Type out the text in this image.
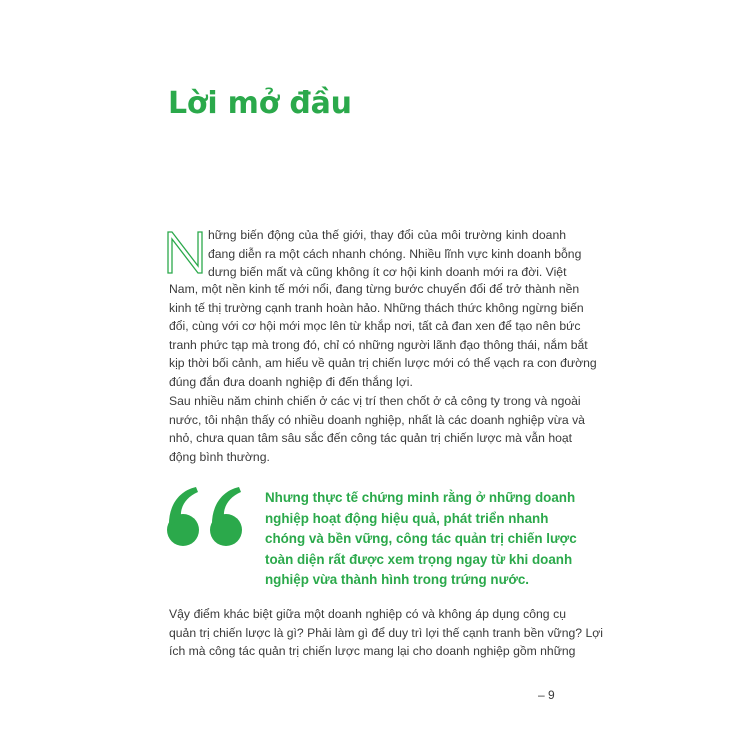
Lời mở đầu

hững biến động của thế giới, thay đổi của môi trường kinh doanh
đang diễn ra một cách nhanh chóng. Nhiều lĩnh vực kinh doanh bỗng
dưng biến mất và cũng không ít cơ hội kinh doanh mới ra đời. Việt

Nam, một nền kinh tế mới nổi, đang từng bước chuyển đổi để trở thành nền
kinh tế thị trường cạnh tranh hoàn hảo. Những thách thức không ngừng biến
đổi, cùng với cơ hội mới mọc lên từ khắp nơi, tất cả đan xen để tạo nên bức
tranh phức tạp mà trong đó, chỉ có những người lãnh đạo thông thái, nắm bắt
kịp thời bối cảnh, am hiểu về quản trị chiến lược mới có thể vạch ra con đường
đúng đắn đưa doanh nghiệp đi đến thắng lợi.

Sau nhiều năm chinh chiến ở các vị trí then chốt ở cả công ty trong và ngoài
nước, tôi nhận thấy có nhiều doanh nghiệp, nhất là các doanh nghiệp vừa và
nhỏ, chưa quan tâm sâu sắc đến công tác quản trị chiến lược mà vẫn hoạt
động bình thường.

Nhưng thực tế chứng minh rằng ở những doanh
nghiệp hoạt động hiệu quả, phát triển nhanh
chóng và bền vững, công tác quản trị chiến lược
toàn diện rất được xem trọng ngay từ khi doanh
nghiệp vừa thành hình trong trứng nước.

Vậy điểm khác biệt giữa một doanh nghiệp có và không áp dụng công cụ
quản trị chiến lược là gì? Phải làm gì để duy trì lợi thế cạnh tranh bền vững? Lợi
ích mà công tác quản trị chiến lược mang lại cho doanh nghiệp gồm những

– 9
